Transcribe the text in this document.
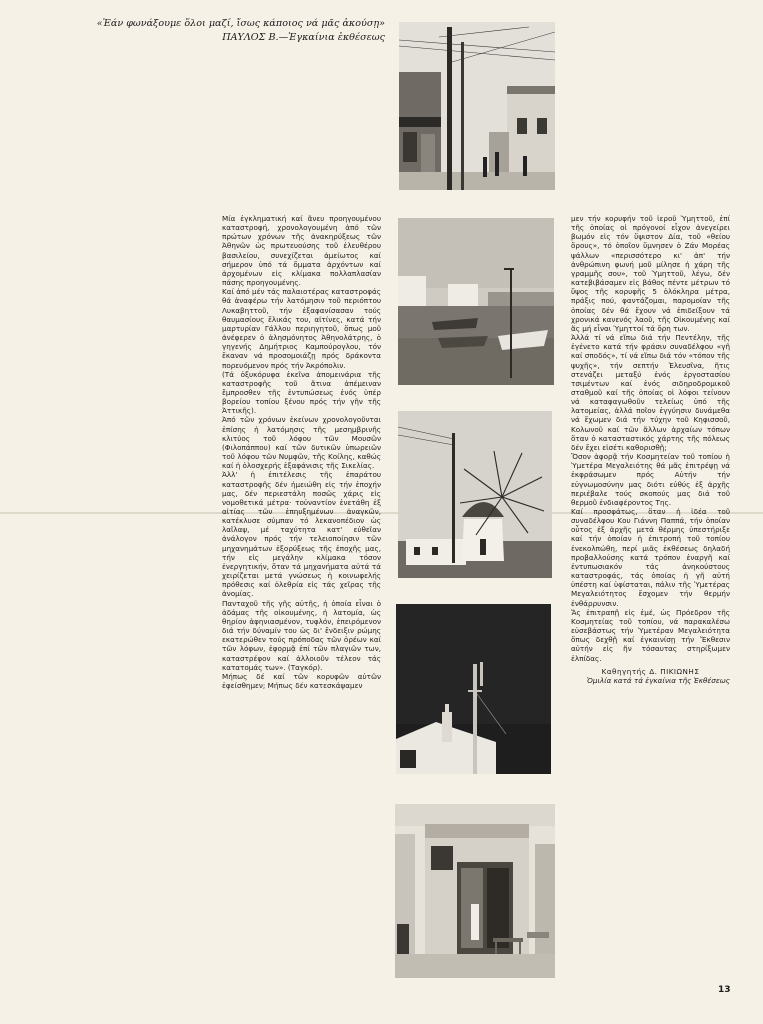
«Ἐάν φωνάξουμε ὅλοι μαζί, ἴσως κάποιος νά μᾶς ἀκούσῃ»
ΠΑΥΛΟΣ Β.—Ἐγκαίνια ἐκθέσεως

Μία ἐγκληματική καί ἄνευ προηγουμένου καταστροφή, χρονολογουμένη ἀπό τῶν πρώτων χρόνων τῆς ἀνακηρύξεως τῶν Ἀθηνῶν ὡς πρωτευούσης τοῦ ἐλευθέρου βασιλείου, συνεχίζεται ἀμείωτος καί σήμερον ὑπό τά ὄμματα ἀρχόντων καί ἀρχομένων εἰς κλίμακα πολλαπλασίαν πάσης προηγουμένης.

Καί ἀπό μέν τάς παλαιοτέρας καταστροφάς θά ἀναφέρω τήν λατόμησιν τοῦ περιόπτου Λυκαβηττοῦ, τήν ἐξαφανίσασαν τούς θαυμασίους ἕλικάς του, αἰτίνες, κατά τήν μαρτυρίαν Γάλλου περιηγητοῦ, ὅπως μοῦ ἀνέφερεν ὁ ἀλησμόνητος Ἀθηνολάτρης, ὁ γηγενής Δημήτριος Καμπούρογλου, τόν ἔκαναν νά προσομοιάζῃ πρός δράκοντα πορευόμενον πρός τήν Ἀκρόπολιν.

(Τά ὀξυκόρυφα ἐκεῖνα ἀπομεινάρια τῆς καταστροφῆς τοῦ ἄτινα ἀπέμειναν ἔμπροσθεν τῆς ἐντυπώσεως ἑνός ὑπέρ βορείου τοπίου ξένου πρός τήν γῆν τῆς Ἀττικῆς).

Ἀπό τῶν χρόνων ἐκείνων χρονολογοῦνται ἐπίσης ἡ λατόμησις τῆς μεσημβρινῆς κλιτύος τοῦ λόφου τῶν Μουσῶν (Φιλοπάππου) καί τῶν δυτικῶν ὑπωρειῶν τοῦ λόφου τῶν Νυμφῶν, τῆς Κοίλης, καθώς καί ἡ ὁλοσχερής ἐξαφάνισις τῆς Σικελίας.

Ἀλλ' ἡ ἐπιτέλεσις τῆς ἐπαράτου καταστροφῆς δέν ἠμειώθη εἰς τήν ἐποχήν μας, δέν περιεστάλη ποσῶς χάρις εἰς νομοθετικά μέτρα· τοὐναντίον ἐνετάθη ἐξ αἰτίας τῶν ἐπηυξημένων ἀναγκῶν, κατέκλυσε σύμπαν τό λεκανοπέδιον ὡς λαῖλαψ, μέ ταχύτητα κατ' εὐθεῖαν ἀνάλογον πρός τήν τελειοποίησιν τῶν μηχανημάτων ἐξορύξεως τῆς ἐποχῆς μας, τήν εἰς μεγάλην κλίμακα τόσον ἐνεργητικήν, ὅταν τά μηχανήματα αὐτά τά χειρίζεται μετά γνώσεως ἡ κοινωφελής πρόθεσις καί ὀλεθρία εἰς τάς χεῖρας τῆς ἀνομίας.

Πανταχοῦ τῆς γῆς αὐτῆς, ἡ ὁποία εἶναι ὁ ἀδάμας τῆς οἰκουμένης, ἡ λατομία, ὡς θηρίον ἀφηνιασμένον, τυφλόν, ἐπειρόμενον διά τήν δύναμίν του ὡς δι' ἔνδειξιν ρώμης εκατερώθεν τούς πρόποδας τῶν ὀρέων καί τῶν λόφων, ἐφορμᾷ ἐπί τῶν πλαγιῶν των, καταστρέφον καί ἀλλοιοῦν τέλεον τάς κατατομάς των». (Ταγκόρ).

Μήπως δέ καί τῶν κορυφῶν αὐτῶν ἐφείσθημεν; Μήπως δέν κατεσκάψαμεν

μεν τήν κορυφήν τοῦ ἱεροῦ Ὑμηττοῦ, ἐπί τῆς ὁποίας οἱ πρόγονοί εἶχον ἀνεγείρει βωμόν εἰς τόν ὕψιστον Δία, τοῦ «θείου ὄρους», τό ὁποῖον ὕμνησεν ὁ Ζάν Μορέας ψάλλων «περισσότερο κι' ἀπ' τήν ἀνθρώπινη φωνή μοῦ μίλησε ἡ χάρη τῆς γραμμῆς σου», τοῦ Ὑμηττοῦ, λέγω, δέν κατεβιβάσαμεν εἰς βάθος πέντε μέτρων τό ὕψος τῆς κορυφῆς 5 ὁλόκληρα μέτρα, πράξις πού, φαντάζομαι, παρομοίαν τῆς ὁποίας δέν θά ἔχουν νά ἐπιδείξουν τά χρονικά κανενός λαοῦ, τῆς Οἰκουμένης καί ἅς μή εἶναι Ὑμηττοί τά ὄρη των.

Ἀλλά τί νά εἴπω διά τήν Πεντέλην, τῆς ἐγένετο κατά τήν φράσιν συναδέλφου «γῆ καί σποδός», τί νά εἴπω διά τόν «τόπον τῆς ψυχῆς», τήν σεπτήν Ἐλευσῖνα, ἥτις στενάζει μεταξύ ἑνός ἐργοστασίου τσιμέντων καί ἑνός σιδηροδρομικοῦ σταθμοῦ καί τῆς ὁποίας οἱ λόφοι τείνουν νά καταφαγωθοῦν τελείως ὑπό τῆς λατομείας, ἀλλά ποῖον ἐγγύησιν δυνάμεθα νά ἔχωμεν διά τήν τύχην τοῦ Κηφισσοῦ, Κολωνοῦ καί τῶν ἄλλων ἀρχαίων τόπων ὅταν ὁ κατασταστικός χάρτης τῆς πόλεως δέν ἔχει εἰσέτι καθορισθῇ;

Ὅσον ἀφορᾷ τήν Κοσμητείαν τοῦ τοπίου ἡ Ὑμετέρα Μεγαλειότης θά μᾶς ἐπιτρέψῃ νά ἐκφράσωμεν πρός Αὐτήν τήν εὐγνωμοσύνην μας διότι εὐθύς ἐξ ἀρχῆς περιέβαλε τούς σκοπούς μας διά τοῦ θερμοῦ ἐνδιαφέροντος Της.

Καί προσφάτως, ὅταν ἡ ἰδέα τοῦ συναδέλφου Κου Γιάννη Παππά, τήν ὁποίαν οὗτος ἐξ ἀρχῆς μετά θέρμης ὑπεστήριξε καί τήν ὁποίαν ἡ ἐπιτροπή τοῦ τοπίου ἐνεκολπώθη, περί μιᾶς ἐκθέσεως δηλαδή προβαλλούσης κατά τρόπον ἐναργῆ καί ἐντυπωσιακόν τάς ἀνηκούστους καταστροφάς, τάς ὁποίας ἡ γῆ αὐτή ὑπέστη καί ὑφίσταται, πάλιν τῆς Ὑμετέρας Μεγαλειότητος ἔσχομεν τήν θερμήν ἐνθάρρυνσιν.

Ἄς ἐπιτραπῇ εἰς ἐμέ, ὡς Πρόεδρον τῆς Κοσμητείας τοῦ τοπίου, νά παρακαλέσω εὐσεβάστως τήν Ὑμετέραν Μεγαλειότητα ὅπως δεχθῇ καί ἐγκαινίσῃ τήν Ἔκθεσιν αὐτήν εἰς ἥν τόσαυτας στηρίξωμεν ἐλπίδας.

Καθηγητής Δ. ΠΙΚΙΩΝΗΣ
Ὁμιλία κατά τά ἐγκαίνια τῆς Ἐκθέσεως
13
